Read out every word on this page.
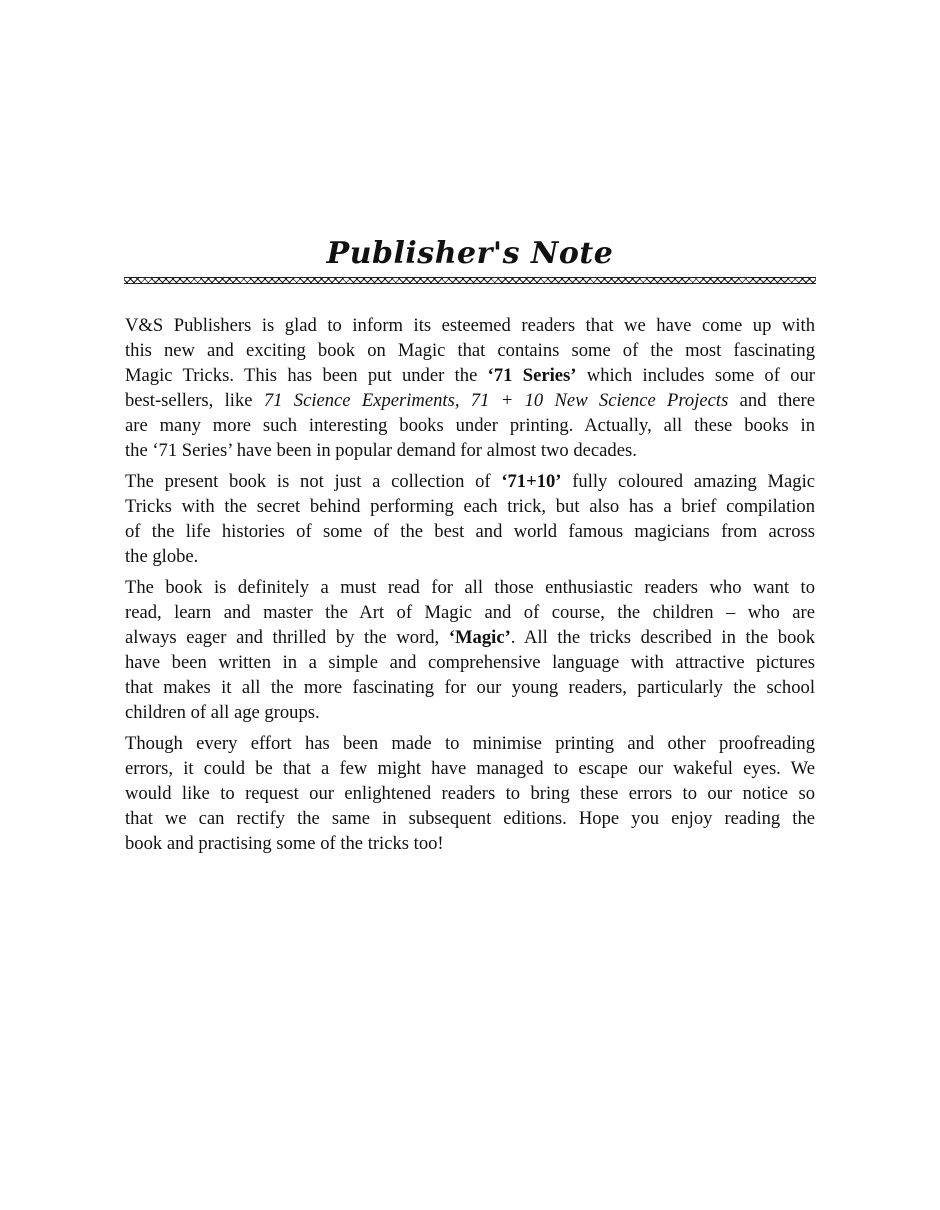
Publisher's Note
V&S Publishers is glad to inform its esteemed readers that we have come up with
this new and exciting book on Magic that contains some of the most fascinating
Magic Tricks. This has been put under the ‘71 Series’ which includes some of our
best-sellers, like 71 Science Experiments, 71 + 10 New Science Projects and there
are many more such interesting books under printing. Actually, all these books in
the ‘71 Series’ have been in popular demand for almost two decades.
The present book is not just a collection of ‘71+10’ fully coloured amazing Magic
Tricks with the secret behind performing each trick, but also has a brief compilation
of the life histories of some of the best and world famous magicians from across
the globe.
The book is definitely a must read for all those enthusiastic readers who want to
read, learn and master the Art of Magic and of course, the children – who are
always eager and thrilled by the word, ‘Magic’. All the tricks described in the book
have been written in a simple and comprehensive language with attractive pictures
that makes it all the more fascinating for our young readers, particularly the school
children of all age groups.
Though every effort has been made to minimise printing and other proofreading
errors, it could be that a few might have managed to escape our wakeful eyes. We
would like to request our enlightened readers to bring these errors to our notice so
that we can rectify the same in subsequent editions. Hope you enjoy reading the
book and practising some of the tricks too!
